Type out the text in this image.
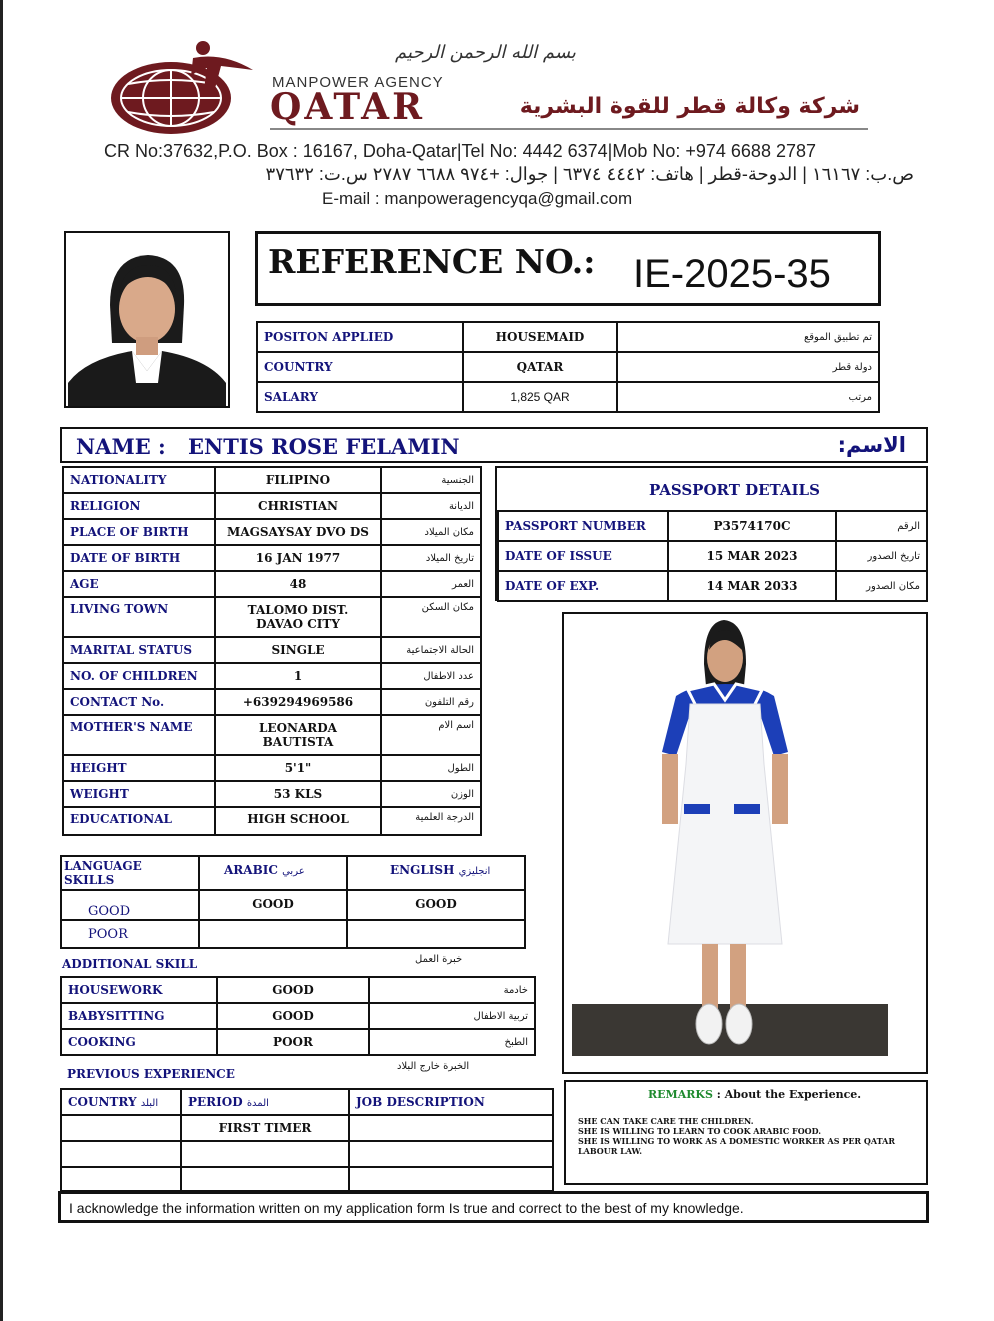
بسم الله الرحمن الرحيم
MANPOWER AGENCY
QATAR	شركة وكالة قطر للقوة البشرية
CR No:37632,P.O. Box : 16167, Doha-Qatar|Tel No: 4442 6374|Mob No: +974 6688 2787
ص.ب: ١٦١٦٧ | الدوحة-قطر | هاتف: ٤٤٤٢ ٦٣٧٤ | جوال: +٩٧٤ ٦٦٨٨ ٢٧٨٧ س.ت: ٣٧٦٣٢
E-mail : manpoweragencyqa@gmail.com
REFERENCE NO.: IE-2025-35
POSITON APPLIED	HOUSEMAID	تم تطبيق الموقع
COUNTRY	QATAR	دولة قطر
SALARY	1,825 QAR	مرتب
NAME : ENTIS ROSE FELAMIN	الاسم:
NATIONALITY	FILIPINO	الجنسية
RELIGION	CHRISTIAN	الديانة
PLACE OF BIRTH	MAGSAYSAY DVO DS	مكان الميلاد
DATE OF BIRTH	16 JAN 1977	تاريخ الميلاد
AGE	48	العمر
LIVING TOWN	TALOMO DIST. DAVAO CITY	مكان السكن
MARITAL STATUS	SINGLE	الحالة الاجتماعية
NO. OF CHILDREN	1	عدد الاطفال
CONTACT No.	+639294969586	رقم التلفون
MOTHER'S NAME	LEONARDA BAUTISTA	اسم الام
HEIGHT	5'1"	الطول
WEIGHT	53 KLS	الوزن
EDUCATIONAL	HIGH SCHOOL	الدرجة العلمية
PASSPORT DETAILS
PASSPORT NUMBER	P3574170C	الرقم
DATE OF ISSUE	15 MAR 2023	تاريخ الصدور
DATE OF EXP.	14 MAR 2033	مكان الصدور
LANGUAGE SKILLS	ARABIC عربي	ENGLISH انجليزي
GOOD	GOOD	GOOD
POOR		
ADDITIONAL SKILL	خبرة العمل
HOUSEWORK	GOOD	خادمة
BABYSITTING	GOOD	تربية الاطفال
COOKING	POOR	الطبخ
PREVIOUS EXPERIENCE
الخبرة خارج البلاد
COUNTRY البلد	PERIOD المدة	JOB DESCRIPTION
	FIRST TIMER	

REMARKS : About the Experience.
SHE CAN TAKE CARE THE CHILDREN.
SHE IS WILLING TO LEARN TO COOK ARABIC FOOD.
SHE IS WILLING TO WORK AS A DOMESTIC WORKER AS PER QATAR LABOUR LAW.
I acknowledge the information written on my application form Is true and correct to the best of my knowledge.
